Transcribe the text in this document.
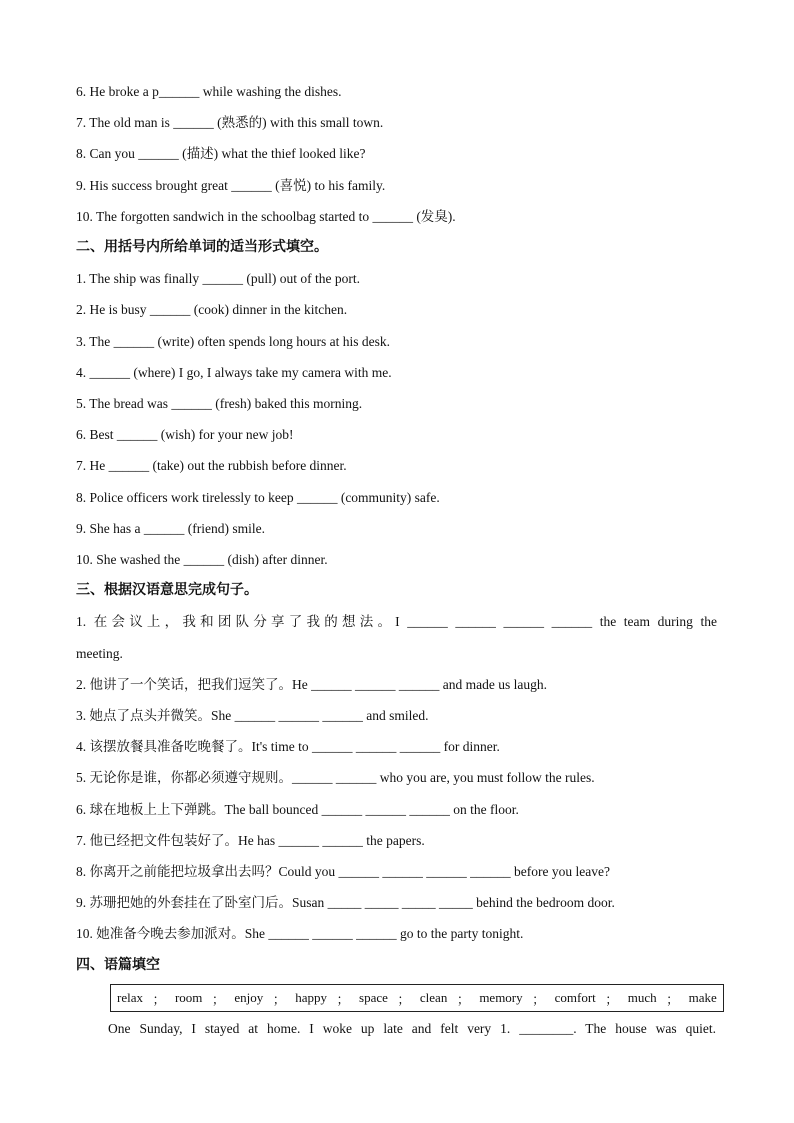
6. He broke a p______ while washing the dishes.
7. The old man is ______ (熟悉的) with this small town.
8. Can you ______ (描述) what the thief looked like?
9. His success brought great ______ (喜悦) to his family.
10. The forgotten sandwich in the schoolbag started to ______ (发臭).
二、用括号内所给单词的适当形式填空。
1. The ship was finally ______ (pull) out of the port.
2. He is busy ______ (cook) dinner in the kitchen.
3. The ______ (write) often spends long hours at his desk.
4. ______ (where) I go, I always take my camera with me.
5. The bread was ______ (fresh) baked this morning.
6. Best ______ (wish) for your new job!
7. He ______ (take) out the rubbish before dinner.
8. Police officers work tirelessly to keep ______ (community) safe.
9. She has a ______ (friend) smile.
10. She washed the ______ (dish) after dinner.
三、根据汉语意思完成句子。
1. 在会议上，我和团队分享了我的想法。I ______ ______ ______ ______ the team during the
meeting.
2. 他讲了一个笑话，把我们逗笑了。He ______ ______ ______ and made us laugh.
3. 她点了点头并微笑。She ______ ______ ______ and smiled.
4. 该摆放餐具准备吃晚餐了。It's time to ______ ______ ______ for dinner.
5. 无论你是谁，你都必须遵守规则。______ ______ who you are, you must follow the rules.
6. 球在地板上上下弹跳。The ball bounced ______ ______ ______ on the floor.
7. 他已经把文件包装好了。He has ______ ______ the papers.
8. 你离开之前能把垃圾拿出去吗？Could you ______ ______ ______ ______ before you leave?
9. 苏珊把她的外套挂在了卧室门后。Susan _____ _____ _____ _____ behind the bedroom door.
10. 她准备今晚去参加派对。She ______ ______ ______ go to the party tonight.
四、语篇填空
relax ； room ； enjoy ； happy ； space ； clean ； memory ； comfort ； much ； make
One Sunday, I stayed at home. I woke up late and felt very 1. ________. The house was quiet.
